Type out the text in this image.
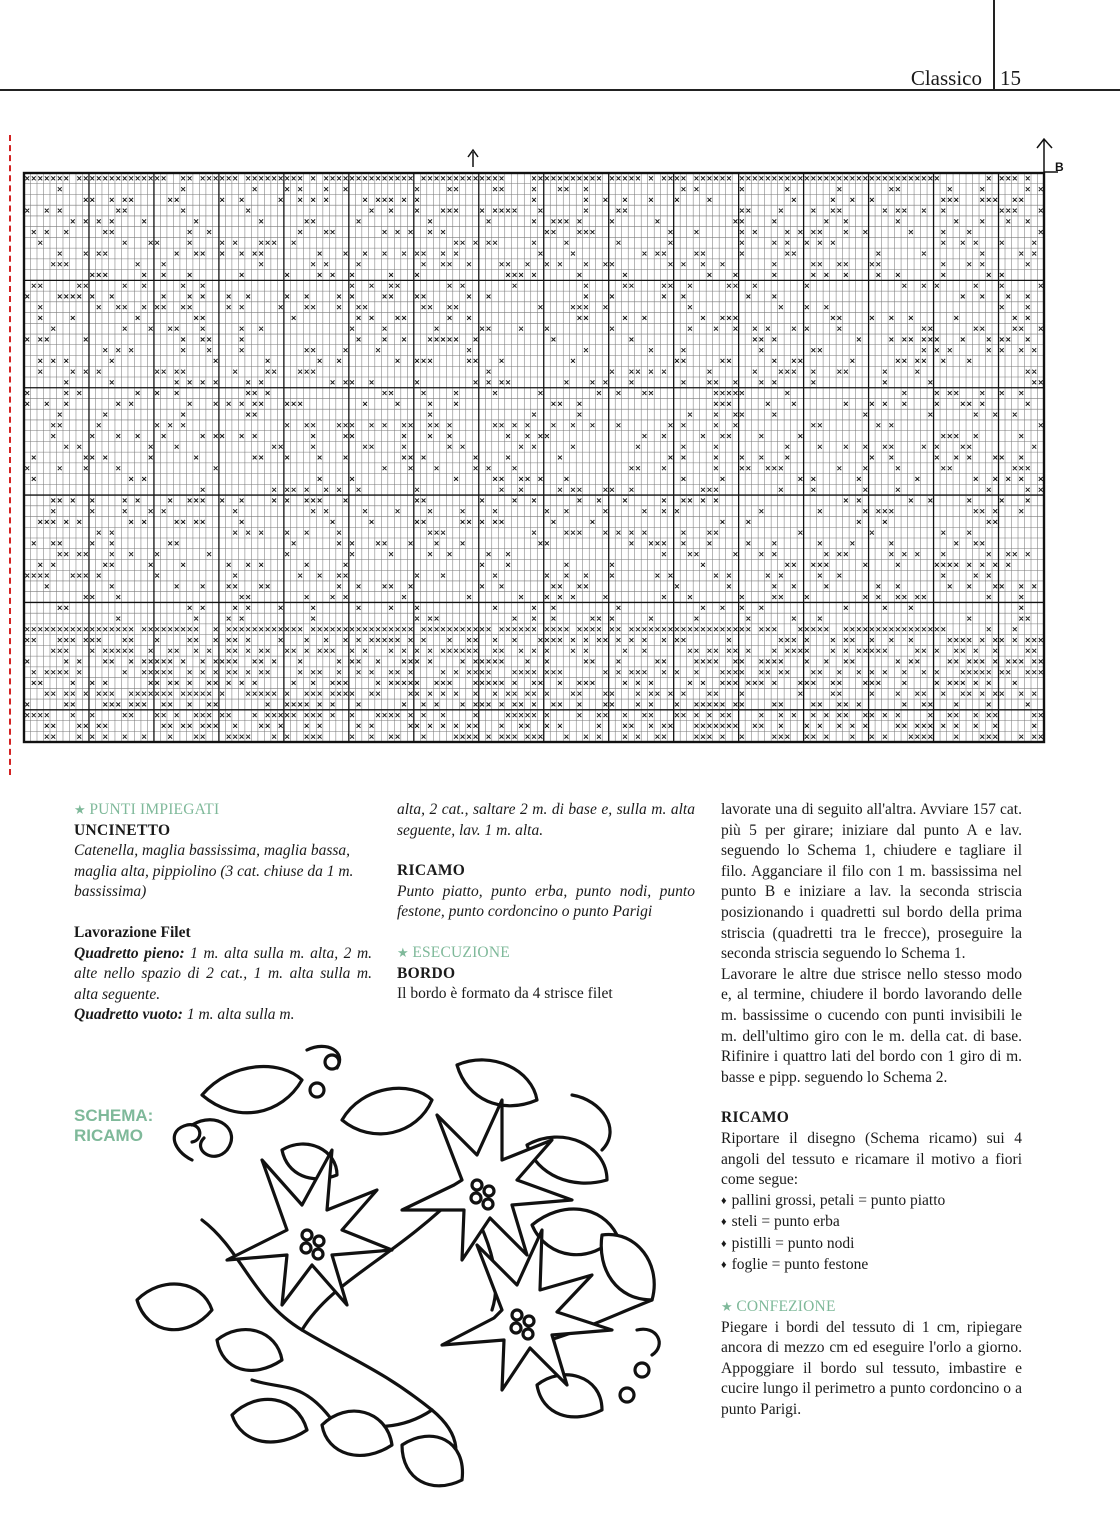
Classico 15
↑
B

★ PUNTI IMPIEGATI

UNCINETTO

Catenella, maglia bassissima, maglia bassa, maglia alta, pippiolino (3 cat. chiuse da 1 m. bassissima)

Lavorazione Filet

Quadretto pieno: 1 m. alta sulla m. alta, 2 m. alte nello spazio di 2 cat., 1 m. alta sulla m. alta seguente.

Quadretto vuoto: 1 m. alta sulla m.

alta, 2 cat., saltare 2 m. di base e, sulla m. alta seguente, lav. 1 m. alta.

RICAMO

Punto piatto, punto erba, punto nodi, punto festone, punto cordoncino o punto Parigi

★ ESECUZIONE

BORDO

Il bordo è formato da 4 strisce filet

lavorate una di seguito all'altra. Avviare 157 cat. più 5 per girare; iniziare dal punto A e lav. seguendo lo Schema 1, chiudere e tagliare il filo. Agganciare il filo con 1 m. bassissima nel punto B e iniziare a lav. la seconda striscia posizionando i quadretti sul bordo della prima striscia (quadretti tra le frecce), proseguire la seconda striscia seguendo lo Schema 1.

Lavorare le altre due strisce nello stesso modo e, al termine, chiudere il bordo lavorando delle m. bassissime o cucendo con punti invisibili le m. dell'ultimo giro con le m. della cat. di base. Rifinire i quattro lati del bordo con 1 giro di m. basse e pipp. seguendo lo Schema 2.

RICAMO

Riportare il disegno (Schema ricamo) sui 4 angoli del tessuto e ricamare il motivo a fiori come segue:

♦ pallini grossi, petali = punto piatto
♦ steli = punto erba
♦ pistilli = punto nodi
♦ foglie = punto festone

★ CONFEZIONE

Piegare i bordi del tessuto di 1 cm, ripiegare ancora di mezzo cm ed eseguire l'orlo a giorno. Appoggiare il bordo sul tessuto, imbastire e cucire lungo il perimetro a punto cordoncino o a punto Parigi.

SCHEMA:
RICAMO
